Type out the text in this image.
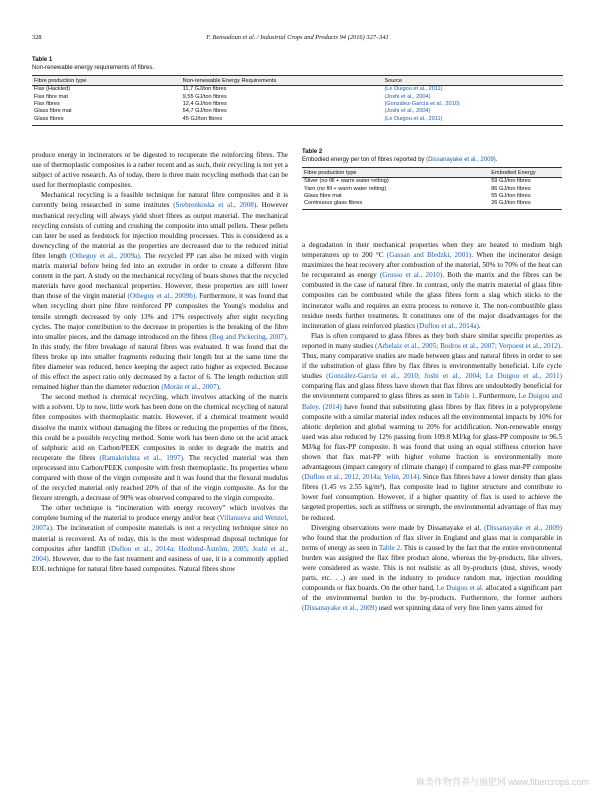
328	F. Bensadoun et al. / Industrial Crops and Products 94 (2016) 327–341
Table 1
Non-renewable energy requirements of fibres.
Fibre production type	Non-renewable Energy Requirements	Source
Flax (Hackled)	11,7 GJ/ton fibres	(Le Duigou et al., 2011)
Flax fibre mat	9,55 GJ/ton fibres	(Joshi et al., 2004)
Flax fibres	12,4 GJ/ton fibres	(González-García et al., 2010)
Glass fibre mat	54,7 GJ/ton fibres	(Joshi et al., 2004)
Glass fibres	45 GJ/ton fibres	(Le Duigou et al., 2011)
Table 2
Embodied energy per ton of fibres reported by (Dissanayake et al., 2009).
Fibre production type	Embodied Energy
Sliver (no fill + warm water retting)	59 GJ/ton fibres
Yarn (no fill + warm water retting)	86 GJ/ton fibres
Glass fibre mat	55 GJ/ton fibres
Continuous glass fibres	26 GJ/ton fibres

produce energy in incinerators or be digested to recuperate the reinforcing fibres. The use of thermoplastic composites is a rather recent and as such, their recycling is not yet a subject of active research. As of today, there is three main recycling methods that can be used for thermoplastic composites.

Mechanical recycling is a feasible technique for natural fibre composites and it is currently being researched in some institutes (Srebrenkoska et al., 2008). However mechanical recycling will always yield short fibres as output material. The mechanical recycling consists of cutting and crushing the composite into small pellets. These pellets can later be used as feedstock for injection moulding processes. This is considered as a downcycling of the material as the properties are decreased due to the reduced initial fibre length (Otheguy et al., 2009a). The recycled PP can also be mixed with virgin matrix material before being fed into an extruder in order to create a different fibre content in the part. A study on the mechanical recycling of boats shows that the recycled materials have good mechanical properties. However, these properties are still lower than those of the virgin material (Otheguy et al., 2009b). Furthermore, it was found that when recycling short pine fibre reinforced PP composites the Young's modulus and tensile strength decreased by only 13% and 17% respectively after eight recycling cycles. The major contribution to the decrease in properties is the breaking of the fibre into smaller pieces, and the damage introduced on the fibres (Beg and Pickering, 2007). In this study, the fibre breakage of natural fibres was evaluated. It was found that the fibres broke up into smaller fragments reducing their length but at the same time the fibre diameter was reduced, hence keeping the aspect ratio higher as expected. Because of this effect the aspect ratio only decreased by a factor of 6. The length reduction still remained higher than the diameter reduction (Morán et al., 2007).

The second method is chemical recycling, which involves attacking of the matrix with a solvent. Up to now, little work has been done on the chemical recycling of natural fibre composites with thermoplastic matrix. However, if a chemical treatment would dissolve the matrix without damaging the fibres or reducing the properties of the fibres, this could be a possible recycling method. Some work has been done on the acid attack of sulphuric acid on Carbon/PEEK composites in order to degrade the matrix and recuperate the fibres (Ramakrishna et al., 1997). The recycled material was then reprocessed into Carbon/PEEK composite with fresh thermoplastic. Its properties where compared with those of the virgin composite and it was found that the flexural modulus of the recycled material only reached 20% of that of the virgin composite. As for the flexure strength, a decrease of 90% was observed compared to the virgin composite.

The other technique is “incineration with energy recovery” which involves the complete burning of the material to produce energy and/or heat (Villanueva and Wenzel, 2007a). The incineration of composite materials is not a recycling technique since no material is recovered. As of today, this is the most widespread disposal technique for composites after landfill (Duflou et al., 2014a; Hedlund-Åström, 2005; Joshi et al., 2004). However, due to the fast treatment and easiness of use, it is a commonly applied EOL technique for natural fibre based composites. Natural fibres show

a degradation in their mechanical properties when they are heated to medium high temperatures up to 200 °C (Gassan and Bledzki, 2001). When the incinerator design maximizes the heat recovery after combustion of the material, 50% to 70% of the heat can be recuperated as energy (Grosso et al., 2010). Both the matrix and the fibres can be combusted in the case of natural fibre. In contrast, only the matrix material of glass fibre composites can be combusted while the glass fibres form a slag which sticks to the incinerator walls and requires an extra process to remove it. The non-combustible glass residue needs further treatments. It constitutes one of the major disadvantages for the incineration of glass reinforced plastics (Duflou et al., 2014a).

Flax is often compared to glass fibres as they both share similar specific properties as reported in many studies (Arbelaiz et al., 2005; Bodros et al., 2007; Verpoest et al., 2012). Thus, many comparative studies are made between glass and natural fibres in order to see if the substitution of glass fibre by flax fibres is environmentally beneficial. Life cycle studies (González-García et al., 2010; Joshi et al., 2004; Le Duigou et al., 2011) comparing flax and glass fibres have shown that flax fibres are undoubtedly beneficial for the environment compared to glass fibres as seen in Table 1. Furthermore, Le Duigou and Baley, (2014) have found that substituting glass fibres by flax fibres in a polypropylene composite with a similar material index reduces all the environmental impacts by 10% for abiotic depletion and global warming to 20% for acidification. Non-renewable energy used was also reduced by 12% passing from 109.8 MJ/kg for glass-PP composite to 96.5 MJ/kg for flax-PP composite. It was found that using an equal stiffness criterion have shown that flax mat-PP with higher volume fraction is environmentally more advantageous (impact category of climate change) if compared to glass mat-PP composite (Duflou et al., 2012, 2014a; Yelin, 2014). Since flax fibres have a lower density than glass fibres (1.45 vs 2.55 kg/m³), flax composite lead to lighter structure and contribute to lower fuel consumption. However, if a higher quantity of flax is used to achieve the targeted properties, such as stiffness or strength, the environmental advantage of flax may be reduced.

Diverging observations were made by Dissanayake et al. (Dissanayake et al., 2009) who found that the production of flax sliver in England and glass mat is comparable in terms of energy as seen in Table 2. This is caused by the fact that the entire environmental burden was assigned the flax fibre product alone, whereas the by-products, like slivers, were considered as waste. This is not realistic as all by-products (dust, shives, woody parts, etc. . .) are used in the industry to produce random mat, injection moulding compounds or flax boards. On the other hand, Le Duigou et al. allocated a significant part of the environmental burden to the by-products. Furthermore, the former authors (Dissanayake et al., 2009) used wet spinning data of very fine linen yarns aimed for

麻类作物营养与施肥网 www.fibercrops.com
